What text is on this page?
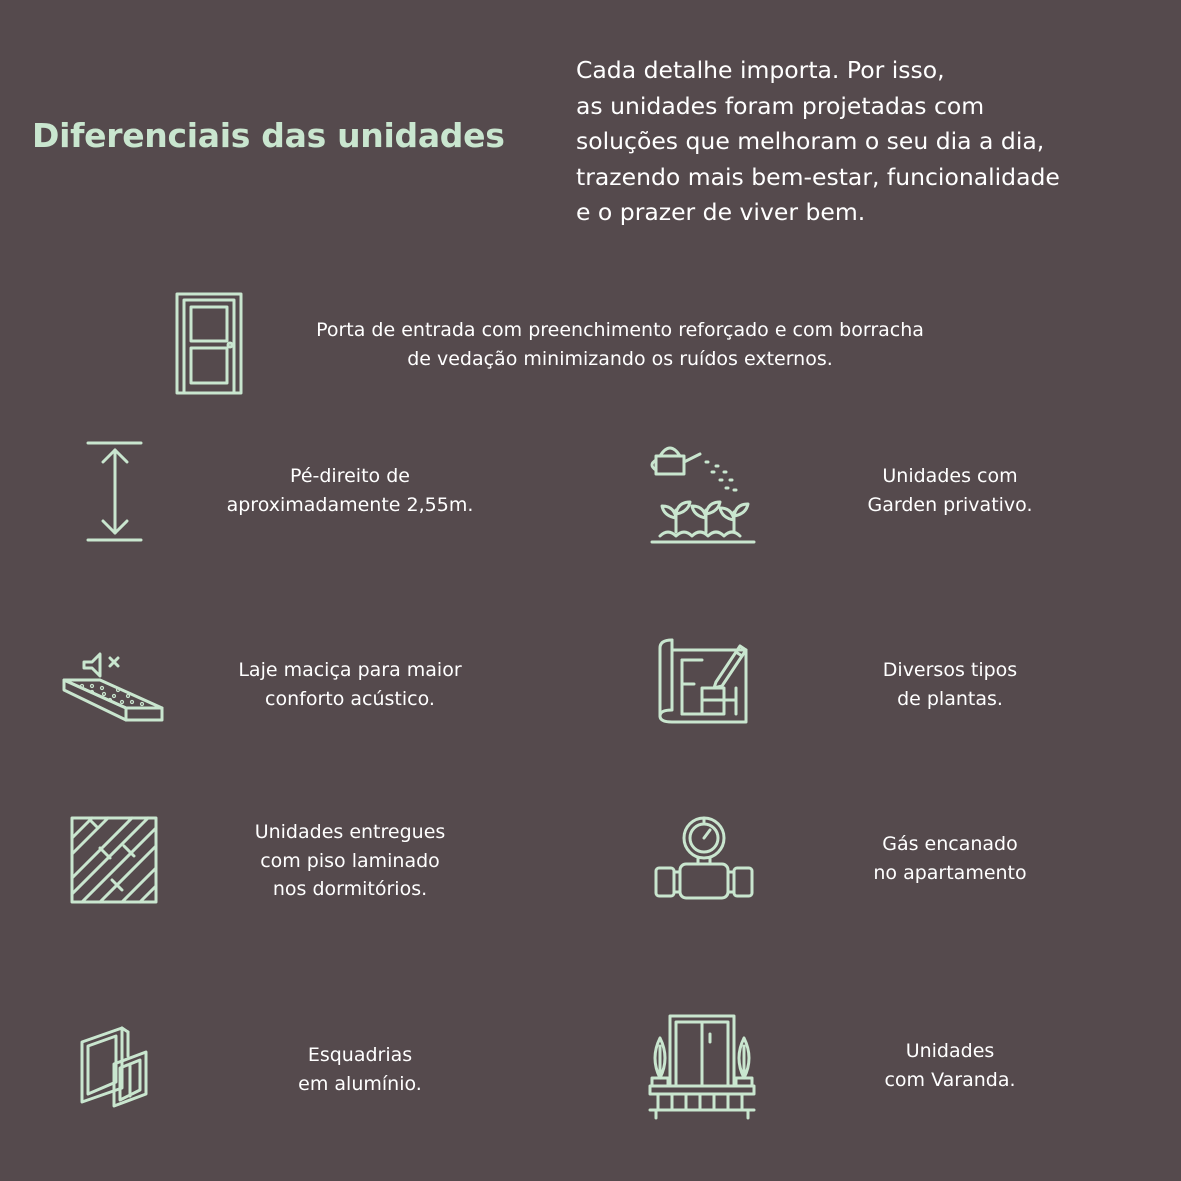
Diferenciais das unidades
Cada detalhe importa. Por isso,
as unidades foram projetadas com
soluções que melhoram o seu dia a dia,
trazendo mais bem-estar, funcionalidade
e o prazer de viver bem.
Porta de entrada com preenchimento reforçado e com borracha
de vedação minimizando os ruídos externos.
Pé-direito de
aproximadamente 2,55m.
Unidades com
Garden privativo.
Laje maciça para maior
conforto acústico.
Diversos tipos
de plantas.
Unidades entregues
com piso laminado
nos dormitórios.
Gás encanado
no apartamento
Esquadrias
em alumínio.
Unidades
com Varanda.
